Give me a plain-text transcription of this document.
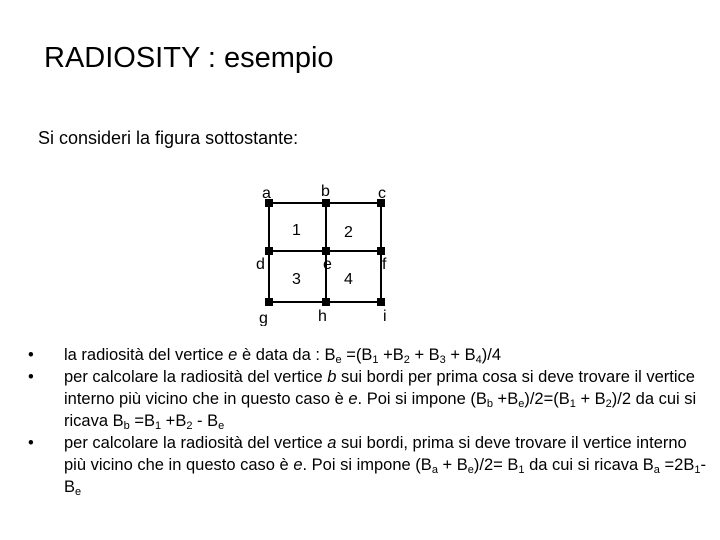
RADIOSITY : esempio
Si consideri la figura sottostante:
a	b	c
d	e	f
g	h	i
1	2
3	4

•	la radiosità del vertice e è data da : $B_e =(B_1 +B_2 + B_3 + B_4)/4$

•	per calcolare la radiosità del vertice b sui bordi per prima cosa si deve trovare il vertice interno più vicino che in questo caso è e. Poi si impone $(B_b +B_e)/2=(B_1 + B_2)/2$ da cui si ricava $B_b =B_1 +B_2 - B_e$

•	per calcolare la radiosità del vertice a sui bordi, prima si deve trovare il vertice interno più vicino che in questo caso è e. Poi si impone $(B_a + B_e)/2= B_1$ da cui si ricava $B_a =2B_1-$ $B_e$
